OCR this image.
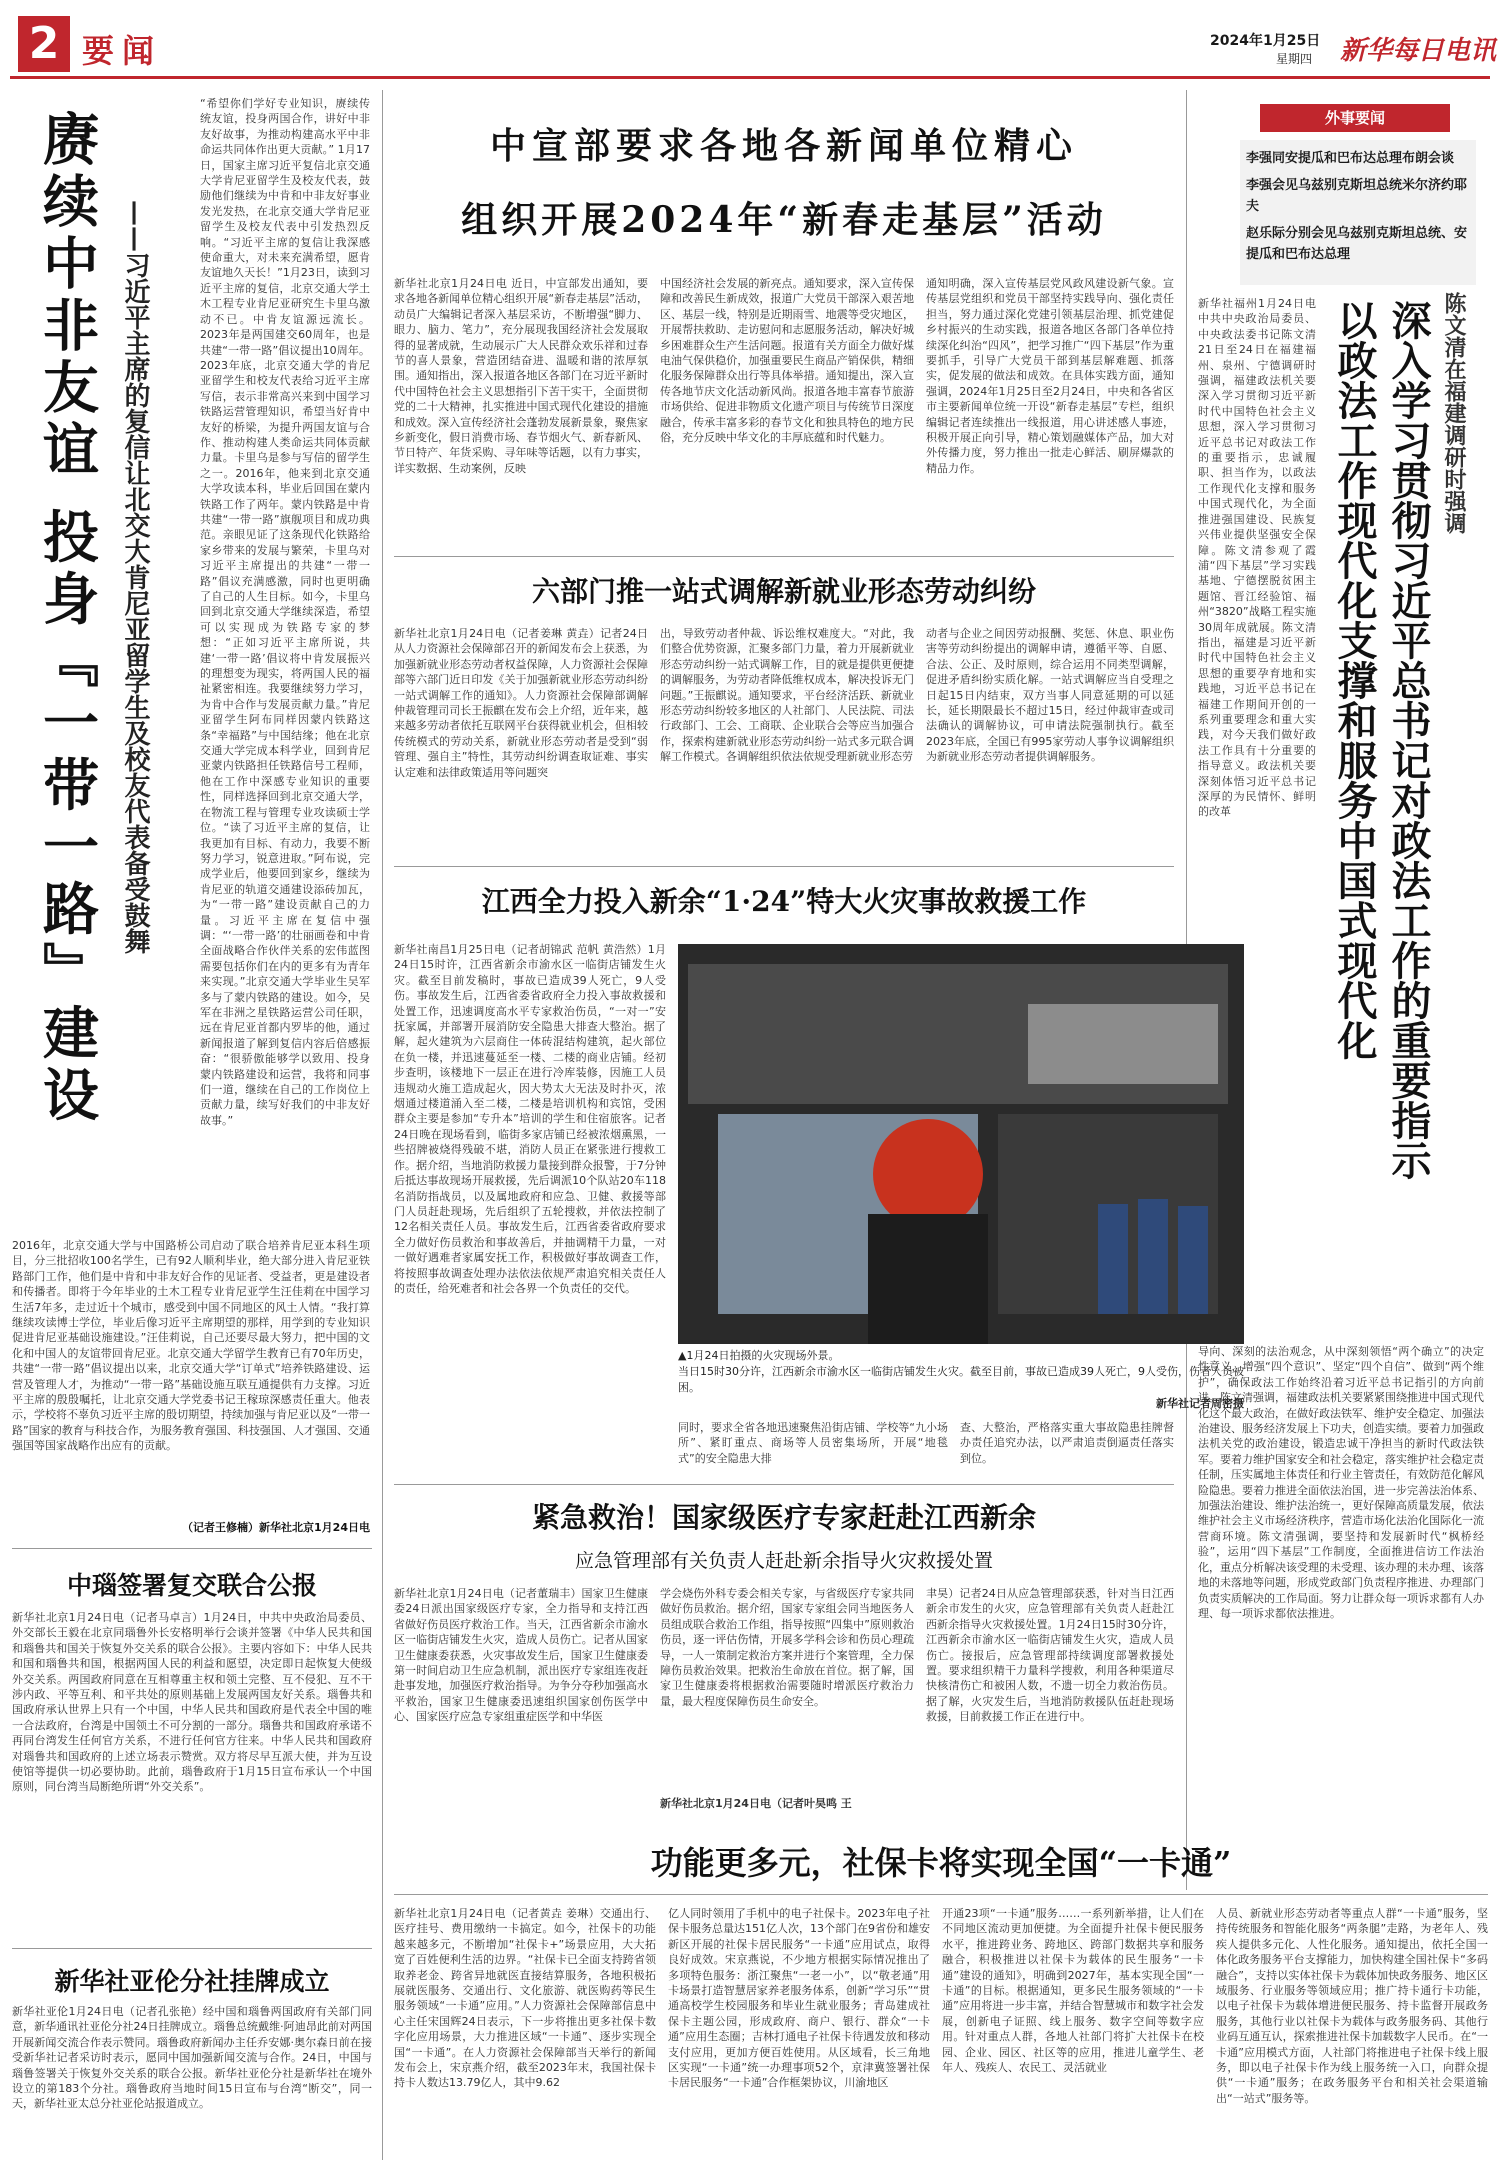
2 要闻	2024年1月25日
星期四 新华每日电讯
赓续中非友谊 投身『一带一路』建设 ——习近平主席的复信让北交大肯尼亚留学生及校友代表备受鼓舞
“希望你们学好专业知识，赓续传统友谊，投身两国合作，讲好中非友好故事，为推动构建高水平中非命运共同体作出更大贡献。” 1月17日，国家主席习近平复信北京交通大学肯尼亚留学生及校友代表，鼓励他们继续为中肯和中非友好事业发光发热，在北京交通大学肯尼亚留学生及校友代表中引发热烈反响。“习近平主席的复信让我深感使命重大，对未来充满希望，愿肯友谊地久天长！”1月23日，读到习近平主席的复信，北京交通大学土木工程专业肯尼亚研究生卡里乌激动不已。中肯友谊源远流长。2023年是两国建交60周年，也是共建“一带一路”倡议提出10周年。2023年底，北京交通大学的肯尼亚留学生和校友代表给习近平主席写信，表示非常高兴来到中国学习铁路运营管理知识，希望当好肯中友好的桥梁，为提升两国友谊与合作、推动构建人类命运共同体贡献力量。卡里乌是参与写信的留学生之一。2016年，他来到北京交通大学攻读本科，毕业后回国在蒙内铁路工作了两年。蒙内铁路是中肯共建“一带一路”旗舰项目和成功典范。亲眼见证了这条现代化铁路给家乡带来的发展与繁荣，卡里乌对习近平主席提出的共建“一带一路”倡议充满感激，同时也更明确了自己的人生目标。如今，卡里乌回到北京交通大学继续深造，希望可以实现成为铁路专家的梦想：“正如习近平主席所说，共建‘一带一路’倡议将中肯发展振兴的理想变为现实，将两国人民的福祉紧密相连。我要继续努力学习，为肯中合作与发展贡献力量。”肯尼亚留学生阿布同样因蒙内铁路这条“幸福路”与中国结缘；他在北京交通大学完成本科学业，回到肯尼亚蒙内铁路担任铁路信号工程师，他在工作中深感专业知识的重要性，同样选择回到北京交通大学，在物流工程与管理专业攻读硕士学位。“读了习近平主席的复信，让我更加有目标、有动力，我要不断努力学习，锐意进取。”阿布说，完成学业后，他要回到家乡，继续为肯尼亚的轨道交通建设添砖加瓦，为“一带一路”建设贡献自己的力量。习近平主席在复信中强调：“‘一带一路’的壮丽画卷和中肯全面战略合作伙伴关系的宏伟蓝图需要包括你们在内的更多有为青年来实现。”北京交通大学毕业生吴军多与了蒙内铁路的建设。如今，吴军在非洲之星铁路运营公司任职，远在肯尼亚首都内罗毕的他，通过新闻报道了解到复信内容后倍感振奋：“很骄傲能够学以致用、投身蒙内铁路建设和运营，我将和同事们一道，继续在自己的工作岗位上贡献力量，续写好我们的中非友好故事。”
2016年，北京交通大学与中国路桥公司启动了联合培养肯尼亚本科生项目，分三批招收100名学生，已有92人顺利毕业，绝大部分进入肯尼亚铁路部门工作，他们是中肯和中非友好合作的见证者、受益者，更是建设者和传播者。即将于今年毕业的土木工程专业肯尼亚学生汪佳莉在中国学习生活7年多，走过近十个城市，感受到中国不同地区的风土人情。“我打算继续攻读博士学位，毕业后像习近平主席期望的那样，用学到的专业知识促进肯尼亚基础设施建设。”汪佳莉说，自己还要尽最大努力，把中国的文化和中国人的友谊带回肯尼亚。北京交通大学留学生教育已有70年历史，共建“一带一路”倡议提出以来，北京交通大学“订单式”培养铁路建设、运营及管理人才，为推动“一带一路”基础设施互联互通提供有力支撑。习近平主席的殷殷嘱托，让北京交通大学党委书记王稼琼深感责任重大。他表示，学校将不辜负习近平主席的殷切期望，持续加强与肯尼亚以及“一带一路”国家的教育与科技合作，为服务教育强国、科技强国、人才强国、交通强国等国家战略作出应有的贡献。
（记者王修楠）新华社北京1月24日电
中瑙签署复交联合公报
新华社北京1月24日电（记者马卓言）1月24日，中共中央政治局委员、外交部长王毅在北京同瑙鲁外长安格明举行会谈并签署《中华人民共和国和瑙鲁共和国关于恢复外交关系的联合公报》。主要内容如下：中华人民共和国和瑙鲁共和国，根据两国人民的利益和愿望，决定即日起恢复大使级外交关系。两国政府同意在互相尊重主权和领土完整、互不侵犯、互不干涉内政、平等互利、和平共处的原则基础上发展两国友好关系。瑙鲁共和国政府承认世界上只有一个中国，中华人民共和国政府是代表全中国的唯一合法政府，台湾是中国领土不可分割的一部分。瑙鲁共和国政府承诺不再同台湾发生任何官方关系，不进行任何官方往来。中华人民共和国政府对瑙鲁共和国政府的上述立场表示赞赏。双方将尽早互派大使，并为互设使馆等提供一切必要协助。此前，瑙鲁政府于1月15日宣布承认一个中国原则，同台湾当局断绝所谓“外交关系”。
新华社亚伦分社挂牌成立
新华社亚伦1月24日电（记者孔张艳）经中国和瑙鲁两国政府有关部门同意，新华通讯社亚伦分社24日挂牌成立。瑙鲁总统戴维·阿迪昂此前对两国开展新闻交流合作表示赞同。瑙鲁政府新闻办主任乔安娜·奥尔森日前在接受新华社记者采访时表示，愿同中国加强新闻交流与合作。24日，中国与瑙鲁签署关于恢复外交关系的联合公报。新华社亚伦分社是新华社在境外设立的第183个分社。瑙鲁政府当地时间15日宣布与台湾“断交”，同一天，新华社亚太总分社亚伦站报道成立。
中宣部要求各地各新闻单位精心
组织开展2024年“新春走基层”活动
新华社北京1月24日电 近日，中宣部发出通知，要求各地各新闻单位精心组织开展“新春走基层”活动，动员广大编辑记者深入基层采访，不断增强“脚力、眼力、脑力、笔力”，充分展现我国经济社会发展取得的显著成就，生动展示广大人民群众欢乐祥和过春节的喜人景象，营造团结奋进、温暖和谐的浓厚氛围。通知指出，深入报道各地区各部门在习近平新时代中国特色社会主义思想指引下苦干实干，全面贯彻党的二十大精神，扎实推进中国式现代化建设的措施和成效。深入宣传经济社会蓬勃发展新景象，聚焦家乡新变化，假日消费市场、春节烟火气、新春新风、节日特产、年货采购、寻年味等话题，以有力事实，详实数据、生动案例，反映
中国经济社会发展的新亮点。通知要求，深入宣传保障和改善民生新成效，报道广大党员干部深入艰苦地区、基层一线，特别是近期雨雪、地震等受灾地区，开展帮扶救助、走访慰问和志愿服务活动，解决好城乡困难群众生产生活问题。报道有关方面全力做好煤电油气保供稳价，加强重要民生商品产销保供，精细化服务保障群众出行等具体举措。通知提出，深入宣传各地节庆文化活动新风尚。报道各地丰富春节旅游市场供给、促进非物质文化遗产项目与传统节日深度融合，传承丰富多彩的春节文化和独具特色的地方民俗，充分反映中华文化的丰厚底蕴和时代魅力。
通知明确，深入宣传基层党风政风建设新气象。宣传基层党组织和党员干部坚持实践导向、强化责任担当，努力通过深化党建引领基层治理、抓党建促乡村振兴的生动实践，报道各地区各部门各单位持续深化纠治“四风”，把学习推广“四下基层”作为重要抓手，引导广大党员干部到基层解难题、抓落实，促发展的做法和成效。在具体实践方面，通知强调，2024年1月25日至2月24日，中央和各省区市主要新闻单位统一开设“新春走基层”专栏，组织编辑记者连续推出一线报道，用心讲述感人事迹，积极开展正向引导，精心策划融媒体产品，加大对外传播力度，努力推出一批走心鲜活、刷屏爆款的精品力作。
外事要闻
李强同安提瓜和巴布达总理布朗会谈
李强会见乌兹别克斯坦总统米尔济约耶夫
赵乐际分别会见乌兹别克斯坦总统、安提瓜和巴布达总理
陈文清在福建调研时强调
深入学习贯彻习近平总书记对政法工作的重要指示
以政法工作现代化支撑和服务中国式现代化
新华社福州1月24日电 中共中央政治局委员、中央政法委书记陈文清21日至24日在福建福州、泉州、宁德调研时强调，福建政法机关要深入学习贯彻习近平新时代中国特色社会主义思想，深入学习贯彻习近平总书记对政法工作的重要指示，忠诚履职、担当作为，以政法工作现代化支撑和服务中国式现代化，为全面推进强国建设、民族复兴伟业提供坚强安全保障。陈文清参观了霞浦“四下基层”学习实践基地、宁德摆脱贫困主题馆、晋江经验馆、福州“3820”战略工程实施30周年成就展。陈文清指出，福建是习近平新时代中国特色社会主义思想的重要孕育地和实践地，习近平总书记在福建工作期间开创的一系列重要理念和重大实践，对今天我们做好政法工作具有十分重要的指导意义。政法机关要深刻体悟习近平总书记深厚的为民情怀、鲜明的改革
导向、深刻的法治观念，从中深刻领悟“两个确立”的决定性意义，增强“四个意识”、坚定“四个自信”、做到“两个维护”，确保政法工作始终沿着习近平总书记指引的方向前进。陈文清强调，福建政法机关要紧紧围绕推进中国式现代化这个最大政治，在做好政法铁军、维护安全稳定、加强法治建设、服务经济发展上下功夫，创造实绩。要着力加强政法机关党的政治建设，锻造忠诚干净担当的新时代政法铁军。要着力维护国家安全和社会稳定，落实维护社会稳定责任制，压实属地主体责任和行业主管责任，有效防范化解风险隐患。要着力推进全面依法治国，进一步完善法治体系、加强法治建设、维护法治统一，更好保障高质量发展，依法维护社会主义市场经济秩序，营造市场化法治化国际化一流营商环境。陈文清强调，要坚持和发展新时代“枫桥经验”，运用“四下基层”工作制度，全面推进信访工作法治化，重点分析解决该受理的未受理、该办理的未办理、该落地的未落地等问题，形成党政部门负责程序推进、办理部门负责实质解决的工作局面。努力让群众每一项诉求都有人办理、每一项诉求都依法推进。
六部门推一站式调解新就业形态劳动纠纷
新华社北京1月24日电（记者姜琳 黄垚）记者24日从人力资源社会保障部召开的新闻发布会上获悉，为加强新就业形态劳动者权益保障，人力资源社会保障部等六部门近日印发《关于加强新就业形态劳动纠纷一站式调解工作的通知》。人力资源社会保障部调解仲裁管理司司长王振麒在发布会上介绍，近年来，越来越多劳动者依托互联网平台获得就业机会，但相较传统模式的劳动关系，新就业形态劳动者是受到“弱管理、强自主”特性，其劳动纠纷调查取证难、事实认定难和法律政策适用等问题突
出，导致劳动者仲裁、诉讼维权难度大。“对此，我们整合优势资源，汇聚多部门力量，着力开展新就业形态劳动纠纷一站式调解工作，目的就是提供更便捷的调解服务，为劳动者降低维权成本，解决投诉无门问题。”王振麒说。通知要求，平台经济活跃、新就业形态劳动纠纷较多地区的人社部门、人民法院、司法行政部门、工会、工商联、企业联合会等应当加强合作，探索构建新就业形态劳动纠纷一站式多元联合调解工作模式。各调解组织依法依规受理新就业形态劳
动者与企业之间因劳动报酬、奖惩、休息、职业伤害等劳动纠纷提出的调解申请，遵循平等、自愿、合法、公正、及时原则，综合运用不同类型调解，促进矛盾纠纷实质化解。一站式调解应当自受理之日起15日内结束，双方当事人同意延期的可以延长，延长期限最长不超过15日，经过仲裁审查或司法确认的调解协议，可申请法院强制执行。截至2023年底，全国已有995家劳动人事争议调解组织为新就业形态劳动者提供调解服务。
江西全力投入新余“1·24”特大火灾事故救援工作
新华社南昌1月25日电（记者胡锦武 范帆 黄浩然）1月24日15时许，江西省新余市渝水区一临街店铺发生火灾。截至目前发稿时，事故已造成39人死亡，9人受伤。事故发生后，江西省委省政府全力投入事故救援和处置工作，迅速调度高水平专家救治伤员，“一对一”安抚家属，并部署开展消防安全隐患大排查大整治。据了解，起火建筑为六层商住一体砖混结构建筑，起火部位在负一楼，并迅速蔓延至一楼、二楼的商业店铺。经初步查明，该楼地下一层正在进行冷库装修，因施工人员违规动火施工造成起火，因大势太大无法及时扑灭，浓烟通过楼道涌入至二楼，二楼是培训机构和宾馆，受困群众主要是参加“专升本”培训的学生和住宿旅客。记者24日晚在现场看到，临街多家店铺已经被浓烟熏黑，一些招牌被烧得残破不堪，消防人员正在紧张进行搜救工作。据介绍，当地消防救援力量接到群众报警，于7分钟后抵达事故现场开展救援，先后调派10个队站20车118名消防指战员，以及属地政府和应急、卫健、救援等部门人员赶赴现场，先后组织了五轮搜救，并依法控制了12名相关责任人员。事故发生后，江西省委省政府要求全力做好伤员救治和事故善后，并抽调精干力量，一对一做好遇难者家属安抚工作，积极做好事故调查工作，将按照事故调查处理办法依法依规严肃追究相关责任人的责任，给死难者和社会各界一个负责任的交代。
▲1月24日拍摄的火灾现场外景。
当日15时30分许，江西新余市渝水区一临街店铺发生火灾。截至目前，事故已造成39人死亡，9人受伤，伤者人员被困。
新华社记者周密摄
同时，要求全省各地迅速聚焦沿街店铺、学校等“九小场所”、紧盯重点、商场等人员密集场所，开展“地毯式”的安全隐患大排
查、大整治，严格落实重大事故隐患挂牌督办责任追究办法，以严肃追责倒逼责任落实到位。
紧急救治！国家级医疗专家赶赴江西新余
应急管理部有关负责人赶赴新余指导火灾救援处置
新华社北京1月24日电（记者董瑞丰）国家卫生健康委24日派出国家级医疗专家，全力指导和支持江西省做好伤员医疗救治工作。当天，江西省新余市渝水区一临街店铺发生火灾，造成人员伤亡。记者从国家卫生健康委获悉，火灾事故发生后，国家卫生健康委第一时间启动卫生应急机制，派出医疗专家组连夜赶赴事发地，加强医疗救治指导。为争分夺秒加强高水平救治，国家卫生健康委迅速组织国家创伤医学中心、国家医疗应急专家组重症医学和中华医
学会烧伤外科专委会相关专家，与省级医疗专家共同做好伤员救治。据介绍，国家专家组会同当地医务人员组成联合救治工作组，指导按照“四集中”原则救治伤员，逐一评估伤情，开展多学科会诊和伤员心理疏导，一人一策制定救治方案并进行个案管理，全力保障伤员救治效果。把救治生命放在首位。据了解，国家卫生健康委将根据救治需要随时增派医疗救治力量，最大程度保障伤员生命安全。
新华社北京1月24日电（记者叶昊鸣 王
聿昊）记者24日从应急管理部获悉，针对当日江西新余市发生的火灾，应急管理部有关负责人赶赴江西新余指导火灾救援处置。1月24日15时30分许，江西新余市渝水区一临街店铺发生火灾，造成人员伤亡。接报后，应急管理部持续调度部署救援处置。要求组织精干力量科学搜救，利用各种渠道尽快核清伤亡和被困人数，不遗一切全力救治伤员。据了解，火灾发生后，当地消防救援队伍赶赴现场救援，目前救援工作正在进行中。
功能更多元，社保卡将实现全国“一卡通”
新华社北京1月24日电（记者黄垚 姜琳）交通出行、医疗挂号、费用缴纳一卡搞定。如今，社保卡的功能越来越多元，不断增加“社保卡+”场景应用，大大拓宽了百姓便利生活的边界。“社保卡已全面支持跨省领取养老金、跨省异地就医直接结算服务，各地积极拓展就医服务、交通出行、文化旅游、就医购药等民生服务领域“一卡通”应用。”人力资源社会保障部信息中心主任宋国辉24日表示，下一步将推出更多社保卡数字化应用场景，大力推进区域“一卡通”、逐步实现全国“一卡通”。在人力资源社会保障部当天举行的新闻发布会上，宋京燕介绍，截至2023年末，我国社保卡持卡人数达13.79亿人，其中9.62
亿人同时领用了手机中的电子社保卡。2023年电子社保卡服务总量达151亿人次，13个部门在9省份和雄安新区开展的社保卡居民服务“一卡通”应用试点，取得良好成效。宋京燕说，不少地方根据实际情况推出了多项特色服务：浙江聚焦“一老一小”，以“敬老通”用卡场景打造智慧居家养老服务体系，创新“学习乐”“贯通高校学生校园服务和毕业生就业服务；青岛建成社保卡主题公园，形成政府、商户、银行、群众“一卡通”应用生态圈；吉林打通电子社保卡待遇发放和移动支付应用，更加方便百姓使用。从区域看，长三角地区实现“一卡通”统一办理事项52个，京津冀签署社保卡居民服务“一卡通”合作框架协议，川渝地区
开通23项“一卡通”服务……一系列新举措，让人们在不同地区流动更加便捷。为全面提升社保卡便民服务水平，推进跨业务、跨地区、跨部门数据共享和服务融合，积极推进以社保卡为载体的民生服务“一卡通”建设的通知》，明确到2027年，基本实现全国“一卡通”的目标。根据通知，更多民生服务领域的“一卡通”应用将进一步丰富，并结合智慧城市和数字社会发展，创新电子证照、线上服务、数字空间等数字应用。针对重点人群，各地人社部门将扩大社保卡在校园、企业、园区、社区等的应用，推进儿童学生、老年人、残疾人、农民工、灵活就业
人员、新就业形态劳动者等重点人群“一卡通”服务，坚持传统服务和智能化服务“两条腿”走路，为老年人、残疾人提供多元化、人性化服务。通知提出，依托全国一体化政务服务平台支撑能力，加快构建全国社保卡“多码融合”，支持以实体社保卡为载体加快政务服务、地区区域服务、行业服务等领域应用；推广持卡通行卡功能，以电子社保卡为载体增进便民服务、持卡监督开展政务服务，其他行业以社保卡为载体与政务服务码、其他行业码互通互认，探索推进社保卡加载数字人民币。在“一卡通”应用模式方面，人社部门将推进电子社保卡线上服务，即以电子社保卡作为线上服务统一入口，向群众提供“一卡通”服务；在政务服务平台和相关社会渠道输出“一站式”服务等。
